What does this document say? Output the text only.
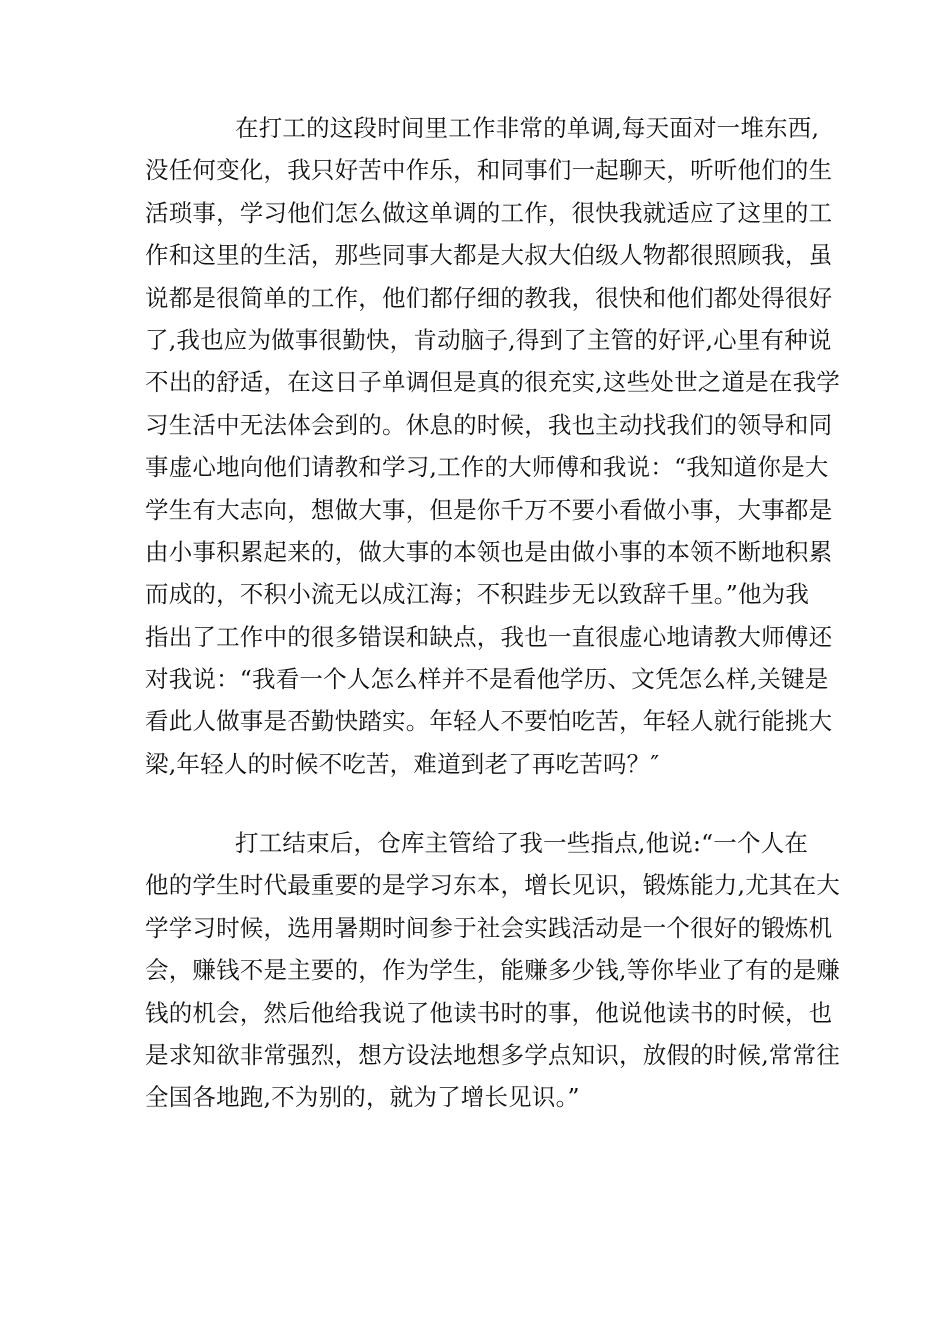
在打工的这段时间里工作非常的单调,每天面对一堆东西,
没任何变化，我只好苦中作乐，和同事们一起聊天，听听他们的生
活琐事，学习他们怎么做这单调的工作，很快我就适应了这里的工
作和这里的生活，那些同事大都是大叔大伯级人物都很照顾我，虽
说都是很简单的工作，他们都仔细的教我，很快和他们都处得很好
了,我也应为做事很勤快，肯动脑子,得到了主管的好评,心里有种说
不出的舒适，在这日子单调但是真的很充实,这些处世之道是在我学
习生活中无法体会到的。休息的时候，我也主动找我们的领导和同
事虚心地向他们请教和学习,工作的大师傅和我说：“我知道你是大
学生有大志向，想做大事，但是你千万不要小看做小事，大事都是
由小事积累起来的，做大事的本领也是由做小事的本领不断地积累
而成的，不积小流无以成江海；不积跬步无以致辞千里。”他为我
指出了工作中的很多错误和缺点，我也一直很虚心地请教大师傅还
对我说：“我看一个人怎么样并不是看他学历、文凭怎么样,关键是
看此人做事是否勤快踏实。年轻人不要怕吃苦，年轻人就行能挑大
梁,年轻人的时候不吃苦，难道到老了再吃苦吗？″
打工结束后，仓库主管给了我一些指点,他说:“一个人在
他的学生时代最重要的是学习东本，增长见识，锻炼能力,尤其在大
学学习时候，选用暑期时间参于社会实践活动是一个很好的锻炼机
会，赚钱不是主要的，作为学生，能赚多少钱,等你毕业了有的是赚
钱的机会，然后他给我说了他读书时的事，他说他读书的时候，也
是求知欲非常强烈，想方设法地想多学点知识，放假的时候,常常往
全国各地跑,不为别的，就为了增长见识。”
